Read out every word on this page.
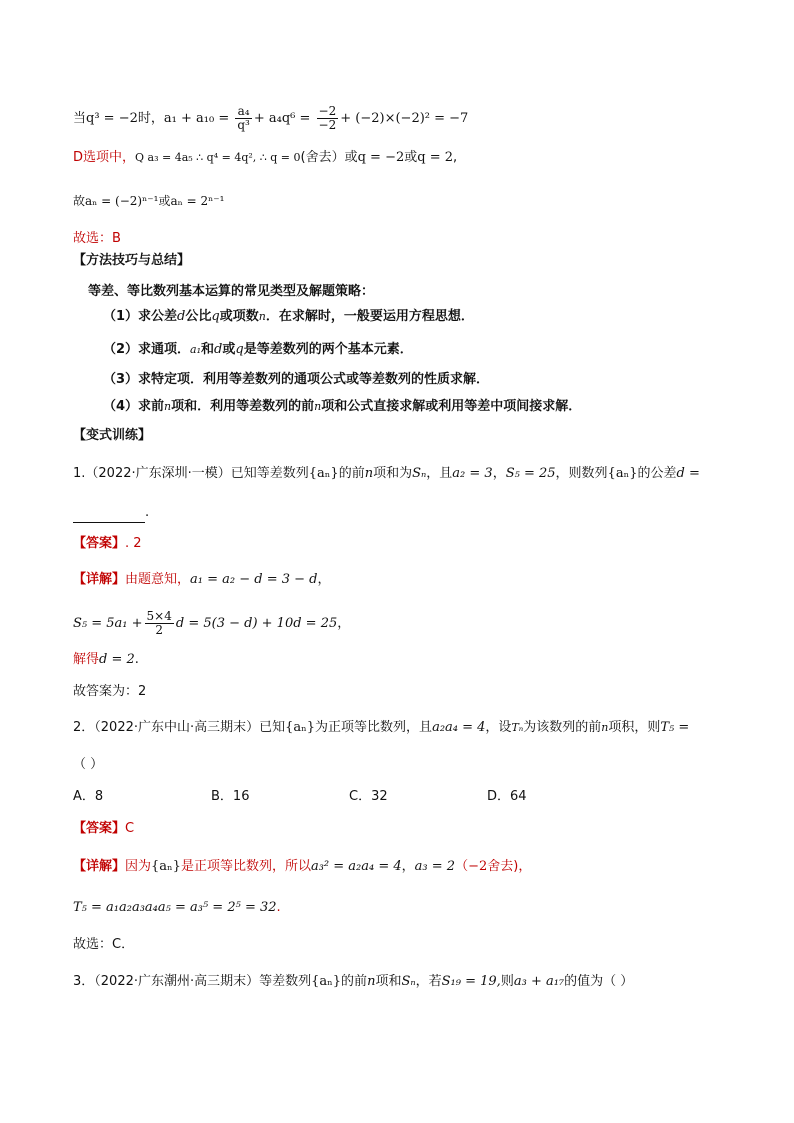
当q³ = −2时，$a_1 + a_{10} = \frac{\text{a₄}}{\text{q³}} + a_4q^6 = \frac{-2}{-2} + (-2)\times(-2)^2 = -7$
D选项中，Q a₃ = 4a₅ ∴ q⁴ = 4q², ∴ q = 0(舍去）或q = −2或q = 2,
故aₙ = (−2)ⁿ⁻¹或aₙ = 2ⁿ⁻¹
故选：B
【方法技巧与总结】
等差、等比数列基本运算的常见类型及解题策略：
（1）求公差d公比q或项数n．在求解时，一般要运用方程思想．
（2）求通项．a₁和d或q是等差数列的两个基本元素．
（3）求特定项．利用等差数列的通项公式或等差数列的性质求解．
（4）求前n项和．利用等差数列的前n项和公式直接求解或利用等差中项间接求解．
【变式训练】
1.（2022·广东深圳·一模）已知等差数列{aₙ}的前n项和为Sₙ，且a₂ = 3，S₅ = 25，则数列{aₙ}的公差d =
.
【答案】. 2
【详解】由题意知，a₁ = a₂ − d = 3 − d，
$S_5 = 5a_1 + \frac{5\times 4}{2}$ d = 5(3 − d) + 10d = 25，
解得d = 2.
故答案为：2
2．（2022·广东中山·高三期末）已知{aₙ}为正项等比数列，且a₂a₄ = 4，设Tₙ为该数列的前n项积，则T₅ =
（ ）
A．8	B．16	C．32	D．64
【答案】C
【详解】因为{aₙ}是正项等比数列，所以a₃² = a₂a₄ = 4，a₃ = 2（−2舍去)，
T₅ = a₁a₂a₃a₄a₅ = a₃⁵ = 2⁵ = 32.
故选：C．
3．（2022·广东潮州·高三期末）等差数列{aₙ}的前n项和Sₙ，若S₁₉ = 19,则a₃ + a₁₇的值为（ ）
